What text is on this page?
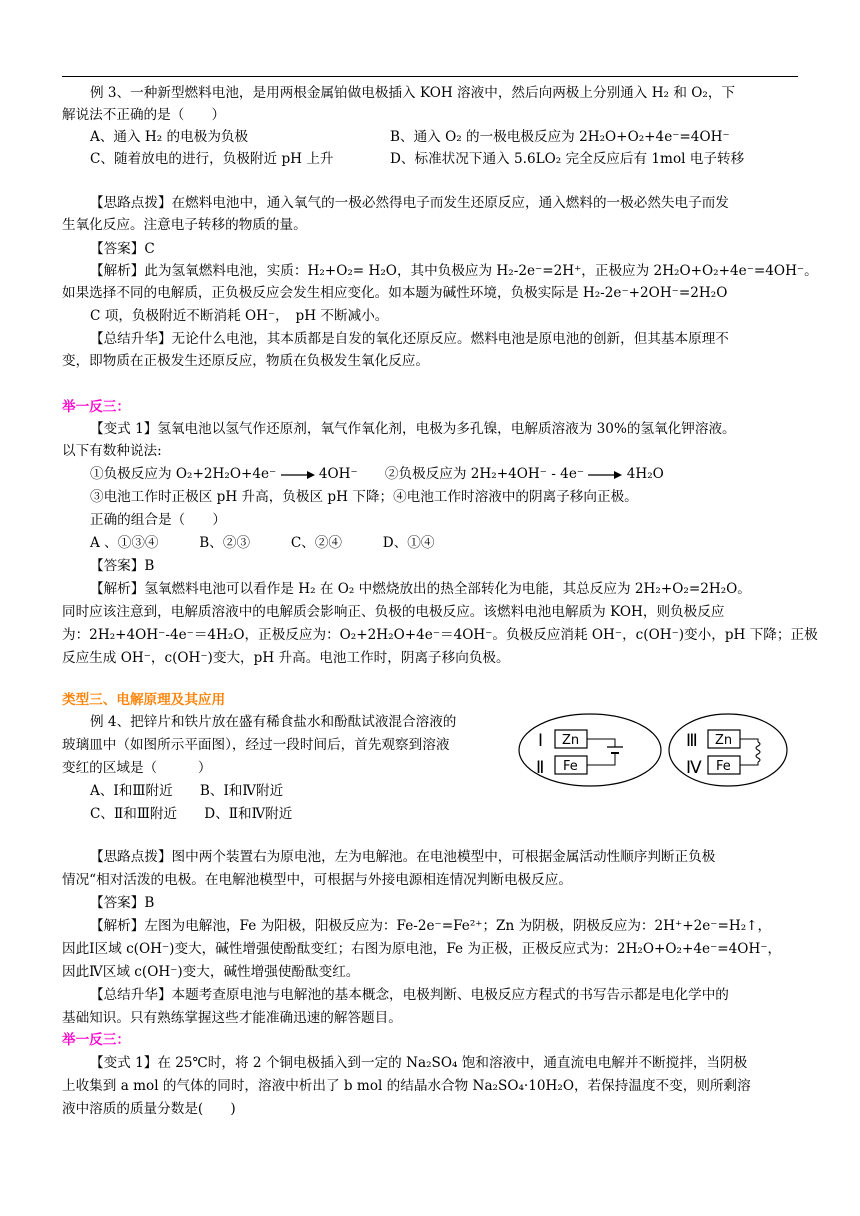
例 3、一种新型燃料电池，是用两根金属铂做电极插入 KOH 溶液中，然后向两极上分别通入 H₂ 和 O₂，下
解说法不正确的是（　　）
A、通入 H₂ 的电极为负极	B、通入 O₂ 的一极电极反应为 2H₂O+O₂+4e⁻=4OH⁻
C、随着放电的进行，负极附近 pH 上升	D、标准状况下通入 5.6LO₂ 完全反应后有 1mol 电子转移
【思路点拨】在燃料电池中，通入氧气的一极必然得电子而发生还原反应，通入燃料的一极必然失电子而发
生氧化反应。注意电子转移的物质的量。
【答案】C
【解析】此为氢氧燃料电池，实质：H₂+O₂= H₂O，其中负极应为 H₂-2e⁻=2H⁺，正极应为 2H₂O+O₂+4e⁻=4OH⁻。
如果选择不同的电解质，正负极反应会发生相应变化。如本题为碱性环境，负极实际是 H₂-2e⁻+2OH⁻=2H₂O
C 项，负极附近不断消耗 OH⁻，　pH 不断减小。
【总结升华】无论什么电池，其本质都是自发的氧化还原反应。燃料电池是原电池的创新，但其基本原理不
变，即物质在正极发生还原反应，物质在负极发生氧化反应。
举一反三：
【变式 1】氢氧电池以氢气作还原剂，氧气作氧化剂，电极为多孔镍，电解质溶液为 30%的氢氧化钾溶液。
以下有数种说法:
①负极反应为 O₂+2H₂O+4e⁻	4OH⁻　　②负极反应为 2H₂+4OH⁻ - 4e⁻	4H₂O
③电池工作时正极区 pH 升高，负极区 pH 下降；④电池工作时溶液中的阴离子移向正极。
正确的组合是（　　）
A 、①③④　　　B、②③　　　C、②④　　　D、①④
【答案】B
【解析】氢氧燃料电池可以看作是 H₂ 在 O₂ 中燃烧放出的热全部转化为电能，其总反应为 2H₂+O₂=2H₂O。
同时应该注意到，电解质溶液中的电解质会影响正、负极的电极反应。该燃料电池电解质为 KOH，则负极反应
为：2H₂+4OH⁻-4e⁻＝4H₂O，正极反应为：O₂+2H₂O+4e⁻＝4OH⁻。负极反应消耗 OH⁻，c(OH⁻)变小，pH 下降；正极
反应生成 OH⁻，c(OH⁻)变大，pH 升高。电池工作时，阴离子移向负极。
类型三、电解原理及其应用
例 4、把锌片和铁片放在盛有稀食盐水和酚酞试液混合溶液的
玻璃皿中（如图所示平面图），经过一段时间后，首先观察到溶液
变红的区域是（　　　）
A、Ⅰ和Ⅲ附近　　B、Ⅰ和Ⅳ附近
C、Ⅱ和Ⅲ附近　　D、Ⅱ和Ⅳ附近
Ⅰ
Ⅱ
Zn
Fe
Ⅲ
Ⅳ
Zn
Fe
【思路点拨】图中两个装置右为原电池，左为电解池。在电池模型中，可根据金属活动性顺序判断正负极
情况“相对活泼的电极。在电解池模型中，可根据与外接电源相连情况判断电极反应。
【答案】B
【解析】左图为电解池，Fe 为阳极，阳极反应为：Fe-2e⁻=Fe²⁺；Zn 为阴极，阴极反应为：2H⁺+2e⁻=H₂↑，
因此Ⅰ区域 c(OH⁻)变大，碱性增强使酚酞变红；右图为原电池，Fe 为正极，正极反应式为：2H₂O+O₂+4e⁻=4OH⁻，
因此Ⅳ区域 c(OH⁻)变大，碱性增强使酚酞变红。
【总结升华】本题考查原电池与电解池的基本概念，电极判断、电极反应方程式的书写告示都是电化学中的
基础知识。只有熟练掌握这些才能准确迅速的解答题目。
举一反三：
【变式 1】在 25℃时，将 2 个铜电极插入到一定的 Na₂SO₄ 饱和溶液中，通直流电电解并不断搅拌，当阴极
上收集到 a mol 的气体的同时，溶液中析出了 b mol 的结晶水合物 Na₂SO₄·10H₂O，若保持温度不变，则所剩溶
液中溶质的质量分数是(　　)
